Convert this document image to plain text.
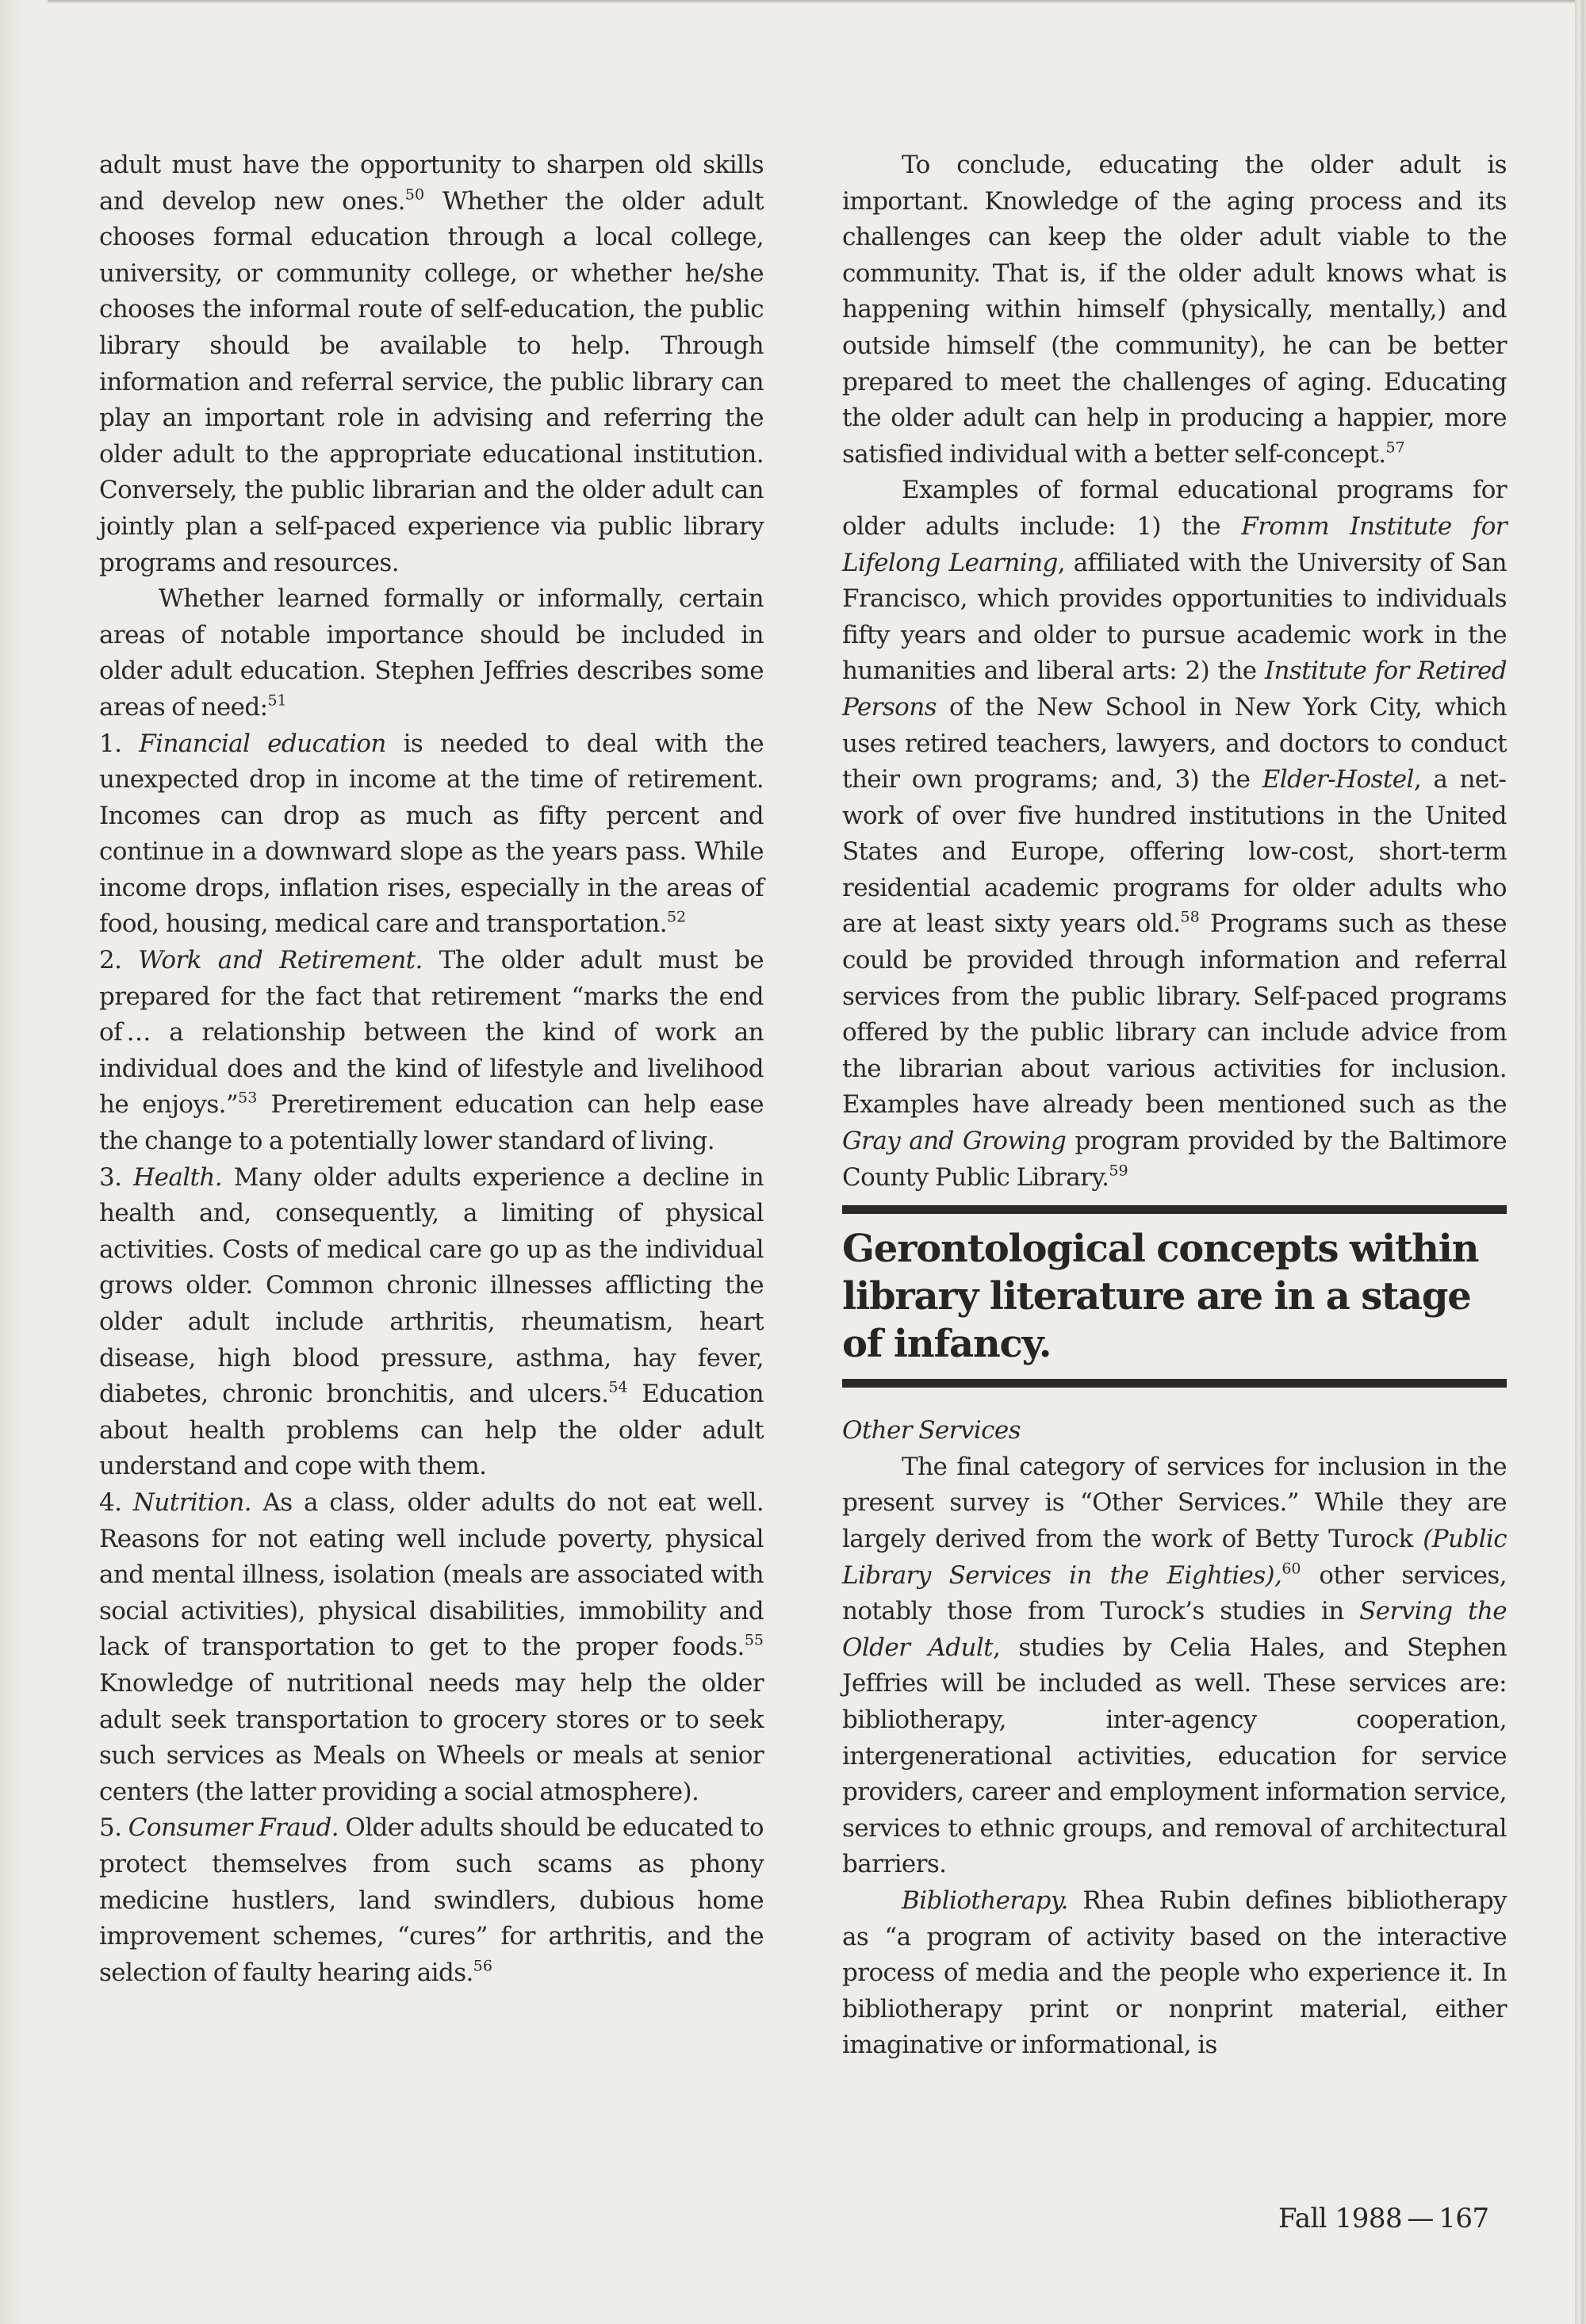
adult must have the opportunity to sharpen old skills and develop new ones.$^{50}$ Whether the older adult chooses formal education through a local college, university, or community college, or whether he/she chooses the informal route of self-education, the public library should be available to help. Through information and referral service, the public library can play an important role in advising and referring the older adult to the appropriate educational institution. Conversely, the public librarian and the older adult can jointly plan a self-paced experience via public library programs and resources.

Whether learned formally or informally, certain areas of notable importance should be included in older adult education. Stephen Jeffries describes some areas of need:$^{51}$

1. Financial education is needed to deal with the unexpected drop in income at the time of retirement. Incomes can drop as much as fifty percent and continue in a downward slope as the years pass. While income drops, inflation rises, especially in the areas of food, housing, medical care and transportation.$^{52}$

2. Work and Retirement. The older adult must be prepared for the fact that retirement “marks the end of … a relationship between the kind of work an individual does and the kind of lifestyle and livelihood he enjoys.”$^{53}$ Preretirement education can help ease the change to a potentially lower standard of living.

3. Health. Many older adults experience a decline in health and, consequently, a limiting of physical activities. Costs of medical care go up as the individual grows older. Common chronic illnesses afflicting the older adult include arthritis, rheumatism, heart disease, high blood pressure, asthma, hay fever, diabetes, chronic bronchitis, and ulcers.$^{54}$ Education about health problems can help the older adult understand and cope with them.

4. Nutrition. As a class, older adults do not eat well. Reasons for not eating well include poverty, physical and mental illness, isolation (meals are associated with social activities), physical disabilities, immobility and lack of transportation to get to the proper foods.$^{55}$ Knowledge of nutritional needs may help the older adult seek transportation to grocery stores or to seek such services as Meals on Wheels or meals at senior centers (the latter providing a social atmosphere).

5. Consumer Fraud. Older adults should be educated to protect themselves from such scams as phony medicine hustlers, land swindlers, dubious home improvement schemes, “cures” for arthritis, and the selection of faulty hearing aids.$^{56}$

To conclude, educating the older adult is important. Knowledge of the aging process and its challenges can keep the older adult viable to the community. That is, if the older adult knows what is happening within himself (physically, mentally,) and outside himself (the community), he can be better prepared to meet the challenges of aging. Educating the older adult can help in producing a happier, more satisfied individual with a better self-concept.$^{57}$

Examples of formal educational programs for older adults include: 1) the Fromm Institute for Lifelong Learning, affiliated with the University of San Francisco, which provides opportunities to individuals fifty years and older to pursue academic work in the humanities and liberal arts: 2) the Institute for Retired Persons of the New School in New York City, which uses retired teachers, lawyers, and doctors to conduct their own programs; and, 3) the Elder-Hostel, a network of over five hundred institutions in the United States and Europe, offering low-cost, short-term residential academic programs for older adults who are at least sixty years old.$^{58}$ Programs such as these could be provided through information and referral services from the public library. Self-paced programs offered by the public library can include advice from the librarian about various activities for inclusion. Examples have already been mentioned such as the Gray and Growing program provided by the Baltimore County Public Library.$^{59}$

Gerontological concepts within library literature are in a stage of infancy.

Other Services

The final category of services for inclusion in the present survey is “Other Services.” While they are largely derived from the work of Betty Turock (Public Library Services in the Eighties),$^{60}$ other services, notably those from Turock’s studies in Serving the Older Adult, studies by Celia Hales, and Stephen Jeffries will be included as well. These services are: bibliotherapy, inter-agency cooperation, intergenerational activities, education for service providers, career and employment information service, services to ethnic groups, and removal of architectural barriers.

Bibliotherapy. Rhea Rubin defines bibliotherapy as “a program of activity based on the interactive process of media and the people who experience it. In bibliotherapy print or nonprint material, either imaginative or informational, is

Fall 1988 — 167
